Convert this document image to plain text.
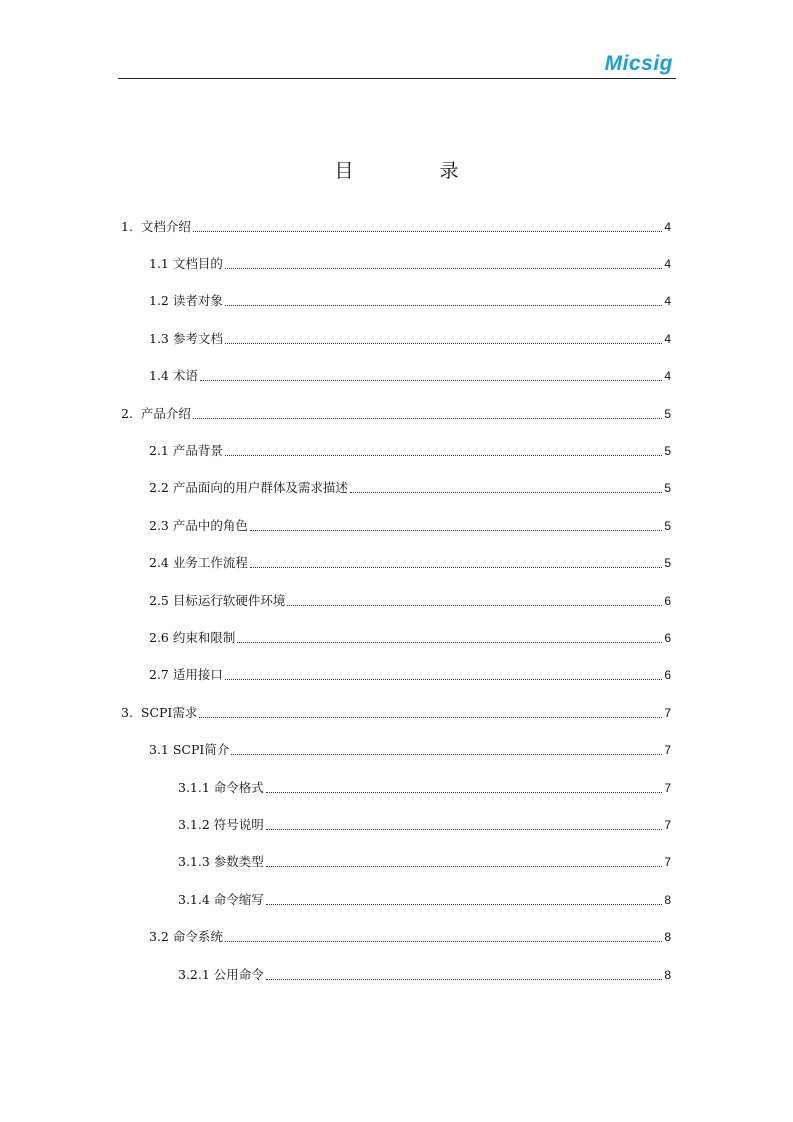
Micsig
目 录
1. 文档介绍	4
1.1 文档目的	4
1.2 读者对象	4
1.3 参考文档	4
1.4 术语	4
2. 产品介绍	5
2.1 产品背景	5
2.2 产品面向的用户群体及需求描述	5
2.3 产品中的角色	5
2.4 业务工作流程	5
2.5 目标运行软硬件环境	6
2.6 约束和限制	6
2.7 适用接口	6
3. SCPI需求	7
3.1 SCPI简介	7
3.1.1 命令格式	7
3.1.2 符号说明	7
3.1.3 参数类型	7
3.1.4 命令缩写	8
3.2 命令系统	8
3.2.1 公用命令	8
